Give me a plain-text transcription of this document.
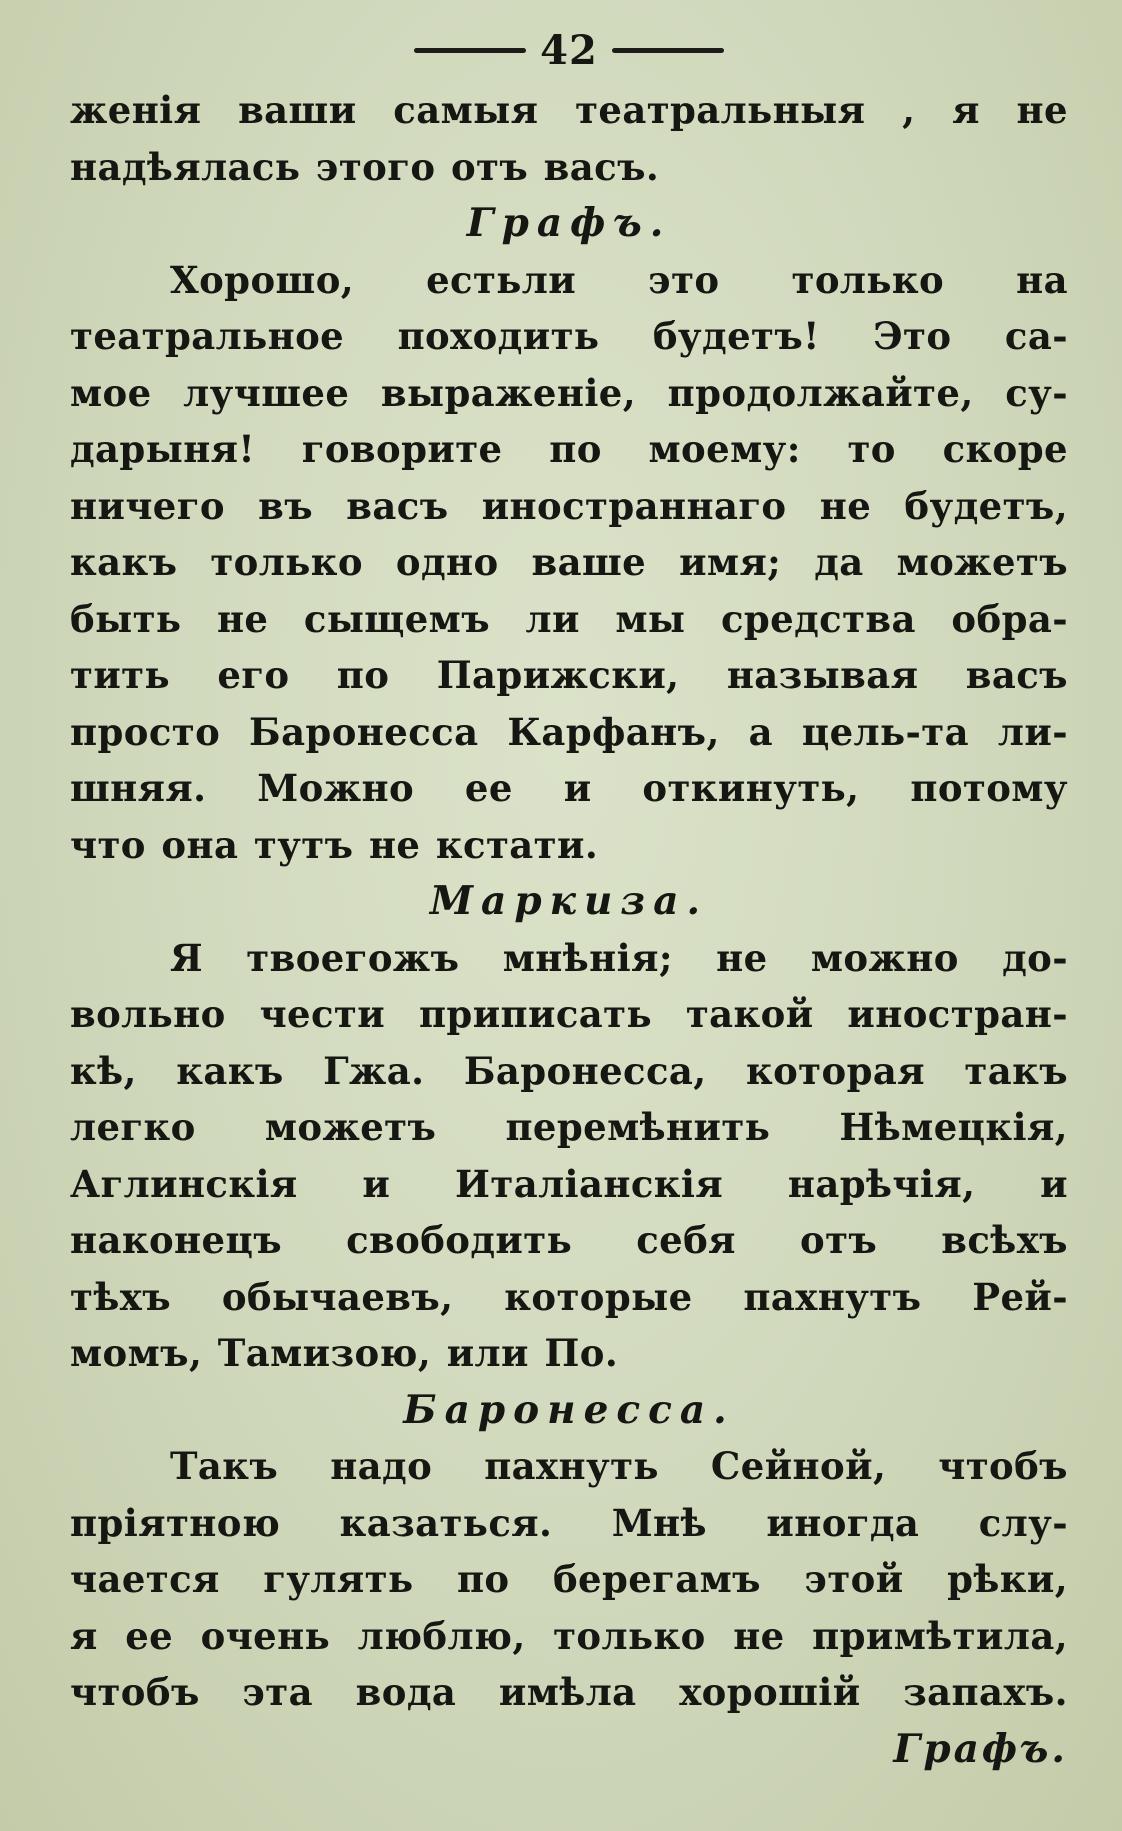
42
женія ваши самыя театральныя , я не
надѣялась этого отъ васъ.
Графъ.
Хорошо, естьли это только на
театральное походить будетъ! Это са-
мое лучшее выраженіе, продолжайте, су-
дарыня! говорите по моему: то скоре
ничего въ васъ иностраннаго не будетъ,
какъ только одно ваше имя; да можетъ
быть не сыщемъ ли мы средства обра-
тить его по Парижски, называя васъ
просто Баронесса Карфанъ, а цель-та ли-
шняя. Можно ее и откинуть, потому
что она тутъ не кстати.
Маркиза.
Я твоегожъ мнѣнія; не можно до-
вольно чести приписать такой иностран-
кѣ, какъ Гжа. Баронесса, которая такъ
легко можетъ перемѣнить Нѣмецкія,
Аглинскія и Италіанскія нарѣчія, и
наконецъ свободить себя отъ всѣхъ
тѣхъ обычаевъ, которые пахнутъ Рей-
момъ, Тамизою, или По.
Баронесса.
Такъ надо пахнуть Сейной, чтобъ
пріятною казаться. Мнѣ иногда слу-
чается гулять по берегамъ этой рѣки,
я ее очень люблю, только не примѣтила,
чтобъ эта вода имѣла хорошій запахъ.
Графъ.
